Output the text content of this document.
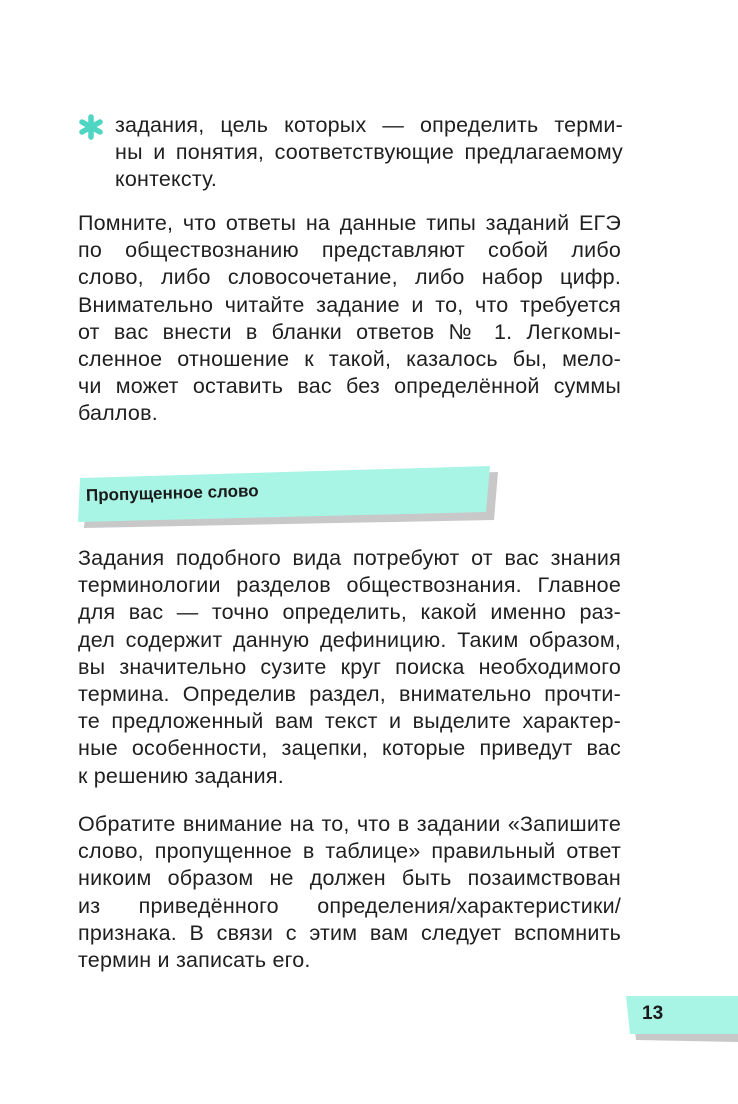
задания, цель которых — определить терми-
ны и понятия, соответствующие предлагаемому
контексту.
Помните, что ответы на данные типы заданий ЕГЭ
по обществознанию представляют собой либо
слово, либо словосочетание, либо набор цифр.
Внимательно читайте задание и то, что требуется
от вас внести в бланки ответов № 1. Легкомы-
сленное отношение к такой, казалось бы, мело-
чи может оставить вас без определённой суммы
баллов.
Пропущенное слово
Задания подобного вида потребуют от вас знания
терминологии разделов обществознания. Главное
для вас — точно определить, какой именно раз-
дел содержит данную дефиницию. Таким образом,
вы значительно сузите круг поиска необходимого
термина. Определив раздел, внимательно прочти-
те предложенный вам текст и выделите характер-
ные особенности, зацепки, которые приведут вас
к решению задания.
Обратите внимание на то, что в задании «Запишите
слово, пропущенное в таблице» правильный ответ
никоим образом не должен быть позаимствован
из приведённого определения/характеристики/
признака. В связи с этим вам следует вспомнить
термин и записать его.
13
